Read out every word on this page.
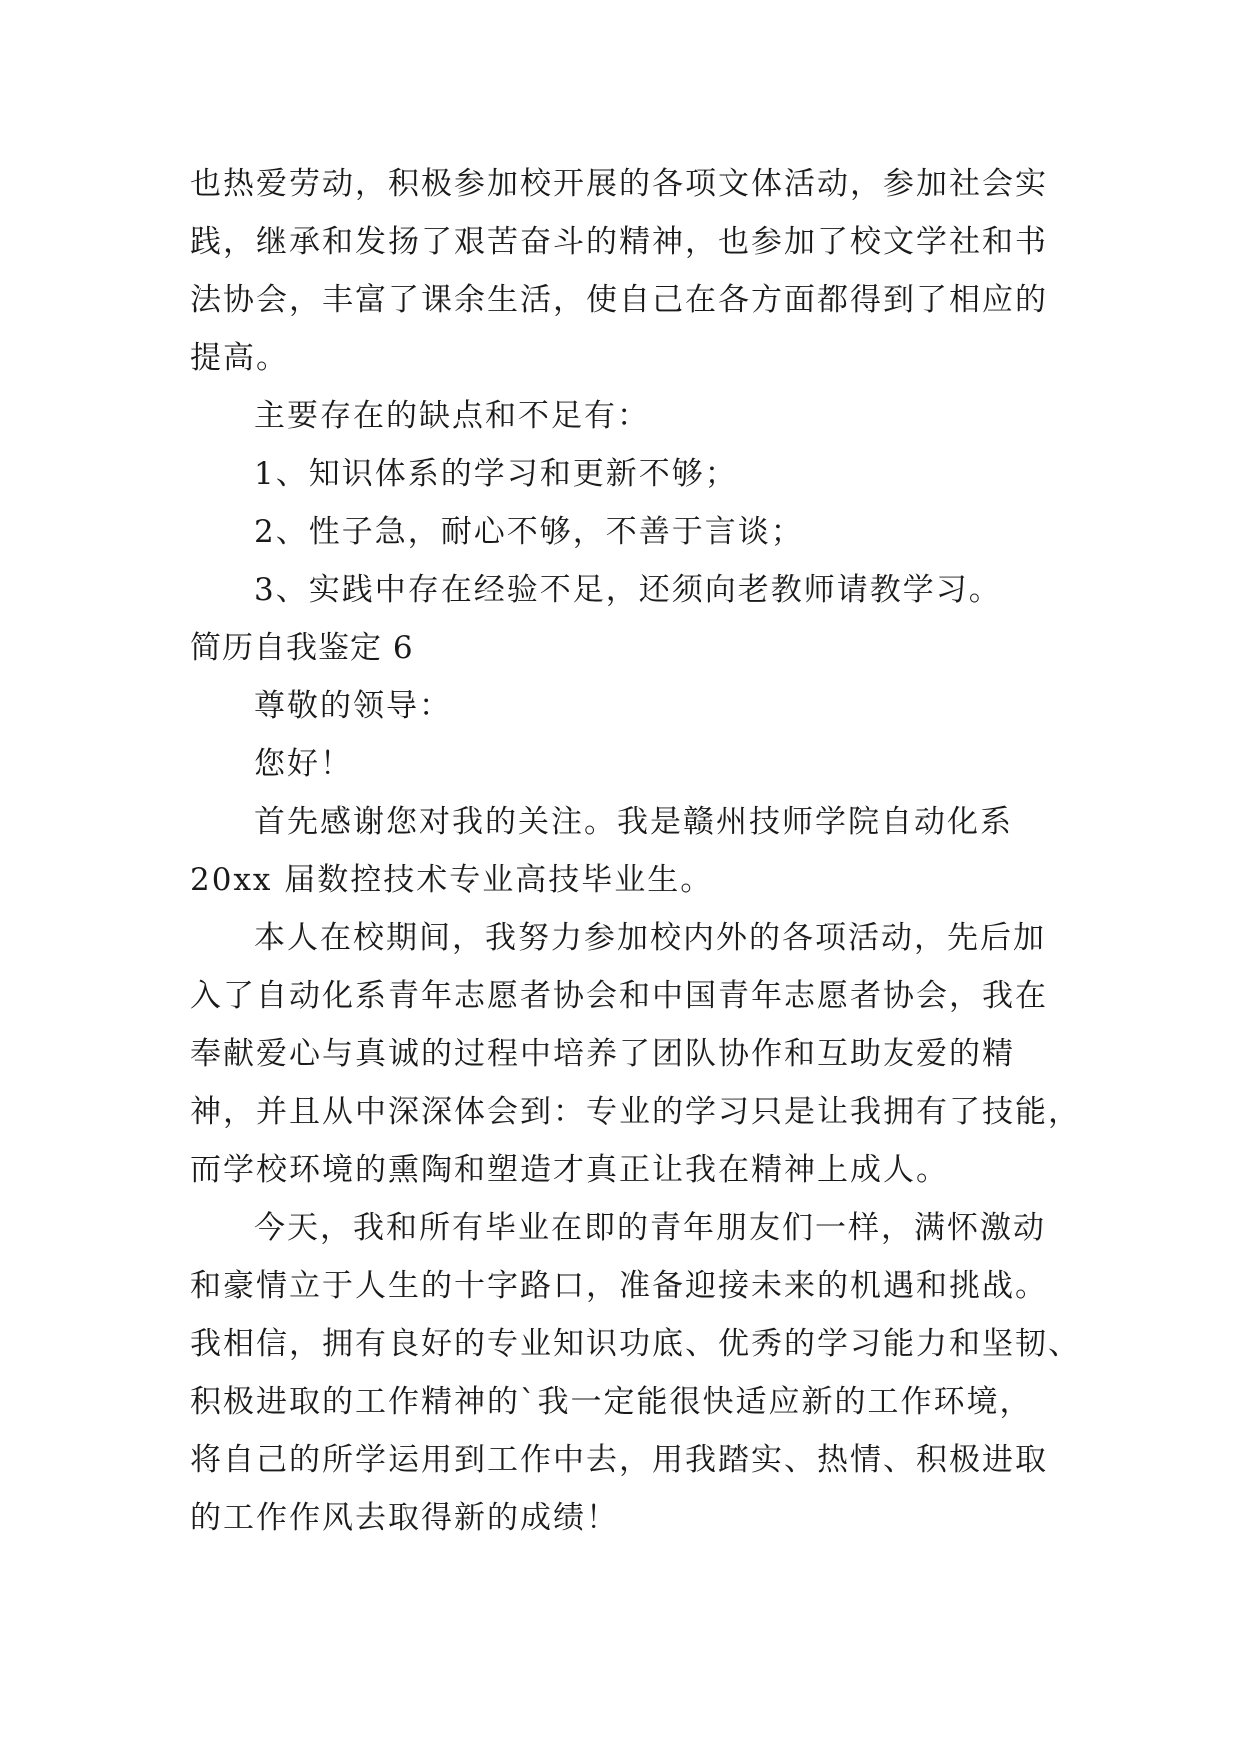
也热爱劳动，积极参加校开展的各项文体活动，参加社会实
践，继承和发扬了艰苦奋斗的精神，也参加了校文学社和书
法协会，丰富了课余生活，使自己在各方面都得到了相应的
提高。
主要存在的缺点和不足有：
1、知识体系的学习和更新不够；
2、性子急，耐心不够，不善于言谈；
3、实践中存在经验不足，还须向老教师请教学习。
简历自我鉴定 6
尊敬的领导：
您好！
首先感谢您对我的关注。我是赣州技师学院自动化系
20xx 届数控技术专业高技毕业生。
本人在校期间，我努力参加校内外的各项活动，先后加
入了自动化系青年志愿者协会和中国青年志愿者协会，我在
奉献爱心与真诚的过程中培养了团队协作和互助友爱的精
神，并且从中深深体会到：专业的学习只是让我拥有了技能，
而学校环境的熏陶和塑造才真正让我在精神上成人。
今天，我和所有毕业在即的青年朋友们一样，满怀激动
和豪情立于人生的十字路口，准备迎接未来的机遇和挑战。
我相信，拥有良好的专业知识功底、优秀的学习能力和坚韧、
积极进取的工作精神的`我一定能很快适应新的工作环境，
将自己的所学运用到工作中去，用我踏实、热情、积极进取
的工作作风去取得新的成绩！
